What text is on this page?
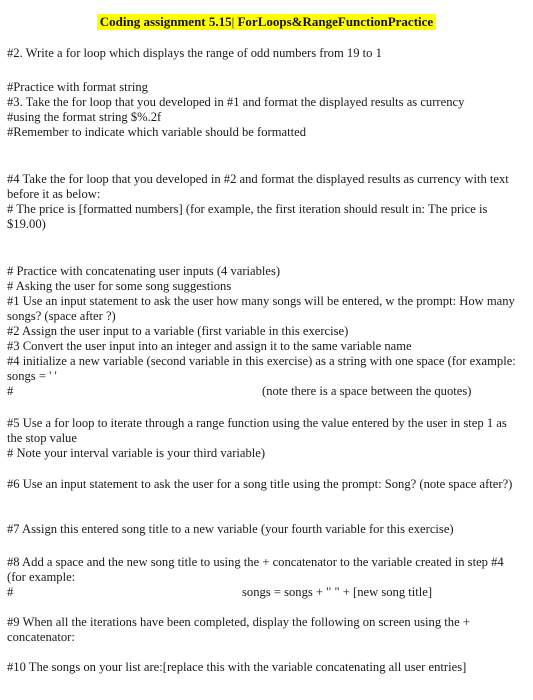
Coding assignment 5.15| ForLoops&RangeFunctionPractice

#2. Write a for loop which displays the range of odd numbers from 19 to 1

#Practice with format string

#3. Take the for loop that you developed in #1 and format the displayed results as currency

#using the format string $%.2f

#Remember to indicate which variable should be formatted

#4 Take the for loop that you developed in #2 and format the displayed results as currency with text before it as below:

# The price is [formatted numbers] (for example, the first iteration should result in: The price is $19.00)

# Practice with concatenating user inputs (4 variables)

# Asking the user for some song suggestions

#1 Use an input statement to ask the user how many songs will be entered, w the prompt: How many songs? (space after ?)

#2 Assign the user input to a variable (first variable in this exercise)

#3 Convert the user input into an integer and assign it to the same variable name

#4 initialize a new variable (second variable in this exercise) as a string with one space (for example: songs = ' '

#	(note there is a space between the quotes)

#5 Use a for loop to iterate through a range function using the value entered by the user in step 1 as the stop value

# Note your interval variable is your third variable)

#6 Use an input statement to ask the user for a song title using the prompt: Song? (note space after?)

#7 Assign this entered song title to a new variable (your fourth variable for this exercise)

#8 Add a space and the new song title to using the + concatenator to the variable created in step #4 (for example:

#	songs = songs + " " + [new song title]

#9 When all the iterations have been completed, display the following on screen using the + concatenator:

#10 The songs on your list are:[replace this with the variable concatenating all user entries]
